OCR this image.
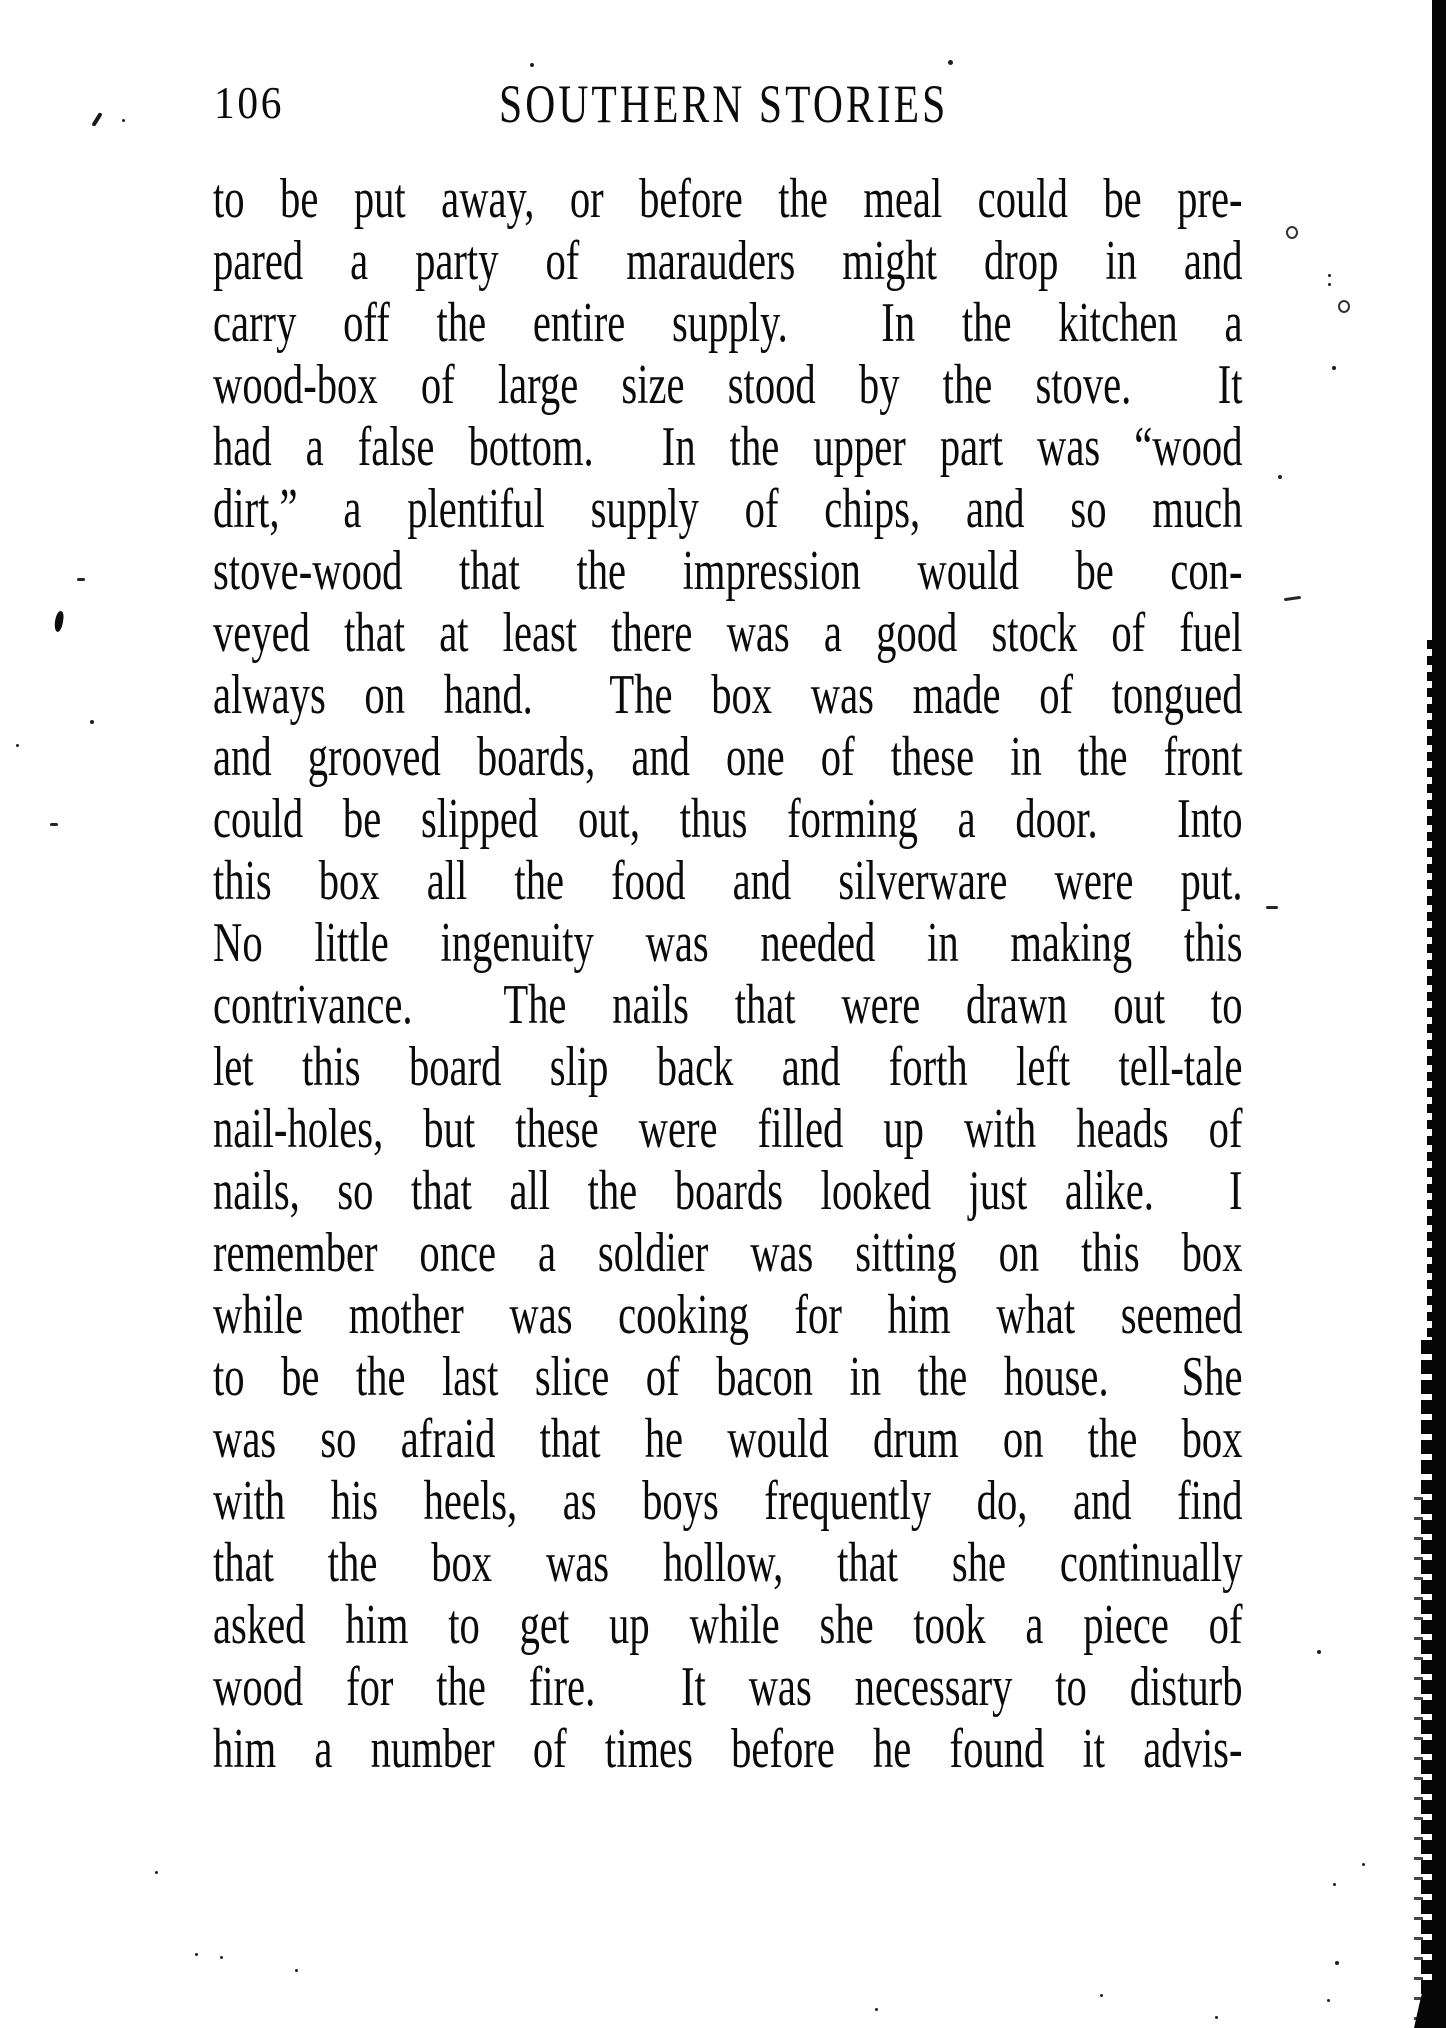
106	SOUTHERN STORIES
to be put away, or before the meal could be pre-
pared a party of marauders might drop in and
carry off the entire supply.  In the kitchen a
wood-box of large size stood by the stove.  It
had a false bottom.  In the upper part was “wood
dirt,” a plentiful supply of chips, and so much
stove-wood that the impression would be con-
veyed that at least there was a good stock of fuel
always on hand.  The box was made of tongued
and grooved boards, and one of these in the front
could be slipped out, thus forming a door.  Into
this box all the food and silverware were put.
No little ingenuity was needed in making this
contrivance.  The nails that were drawn out to
let this board slip back and forth left tell-tale
nail-holes, but these were filled up with heads of
nails, so that all the boards looked just alike.  I
remember once a soldier was sitting on this box
while mother was cooking for him what seemed
to be the last slice of bacon in the house.  She
was so afraid that he would drum on the box
with his heels, as boys frequently do, and find
that the box was hollow, that she continually
asked him to get up while she took a piece of
wood for the fire.  It was necessary to disturb
him a number of times before he found it advis-
